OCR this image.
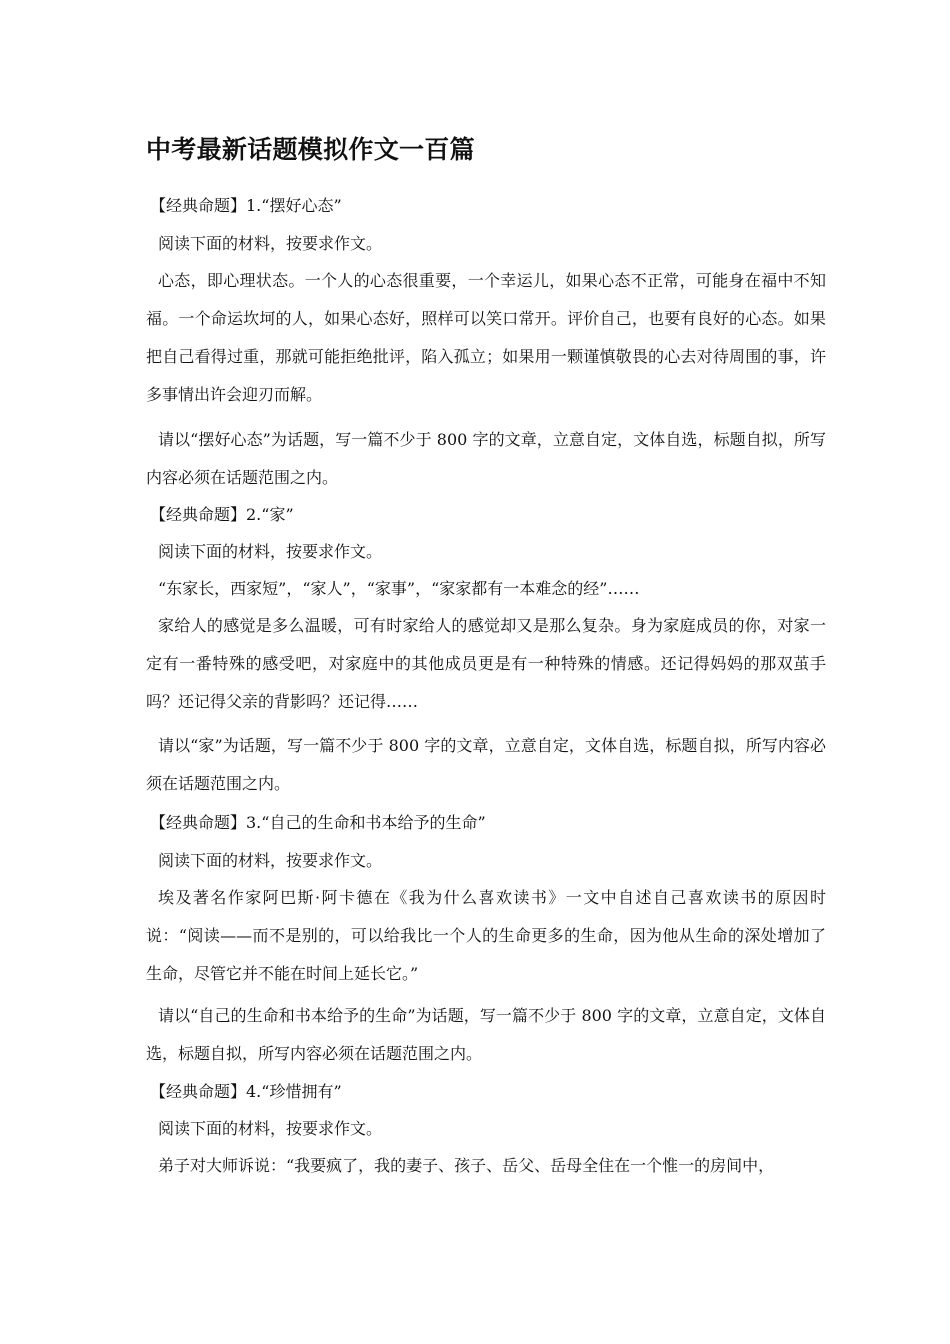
中考最新话题模拟作文一百篇

【经典命题】1.“摆好心态”

阅读下面的材料，按要求作文。

心态，即心理状态。一个人的心态很重要，一个幸运儿，如果心态不正常，可能身在福中不知福。一个命运坎坷的人，如果心态好，照样可以笑口常开。评价自己，也要有良好的心态。如果把自己看得过重，那就可能拒绝批评，陷入孤立；如果用一颗谨慎敬畏的心去对待周围的事，许多事情出许会迎刃而解。

请以“摆好心态”为话题，写一篇不少于 800 字的文章，立意自定，文体自选，标题自拟，所写内容必须在话题范围之内。

【经典命题】2.“家”

阅读下面的材料，按要求作文。

“东家长，西家短”，“家人”，“家事”，“家家都有一本难念的经”……

家给人的感觉是多么温暖，可有时家给人的感觉却又是那么复杂。身为家庭成员的你，对家一定有一番特殊的感受吧，对家庭中的其他成员更是有一种特殊的情感。还记得妈妈的那双茧手吗？还记得父亲的背影吗？还记得……

请以“家”为话题，写一篇不少于 800 字的文章，立意自定，文体自选，标题自拟，所写内容必须在话题范围之内。

【经典命题】3.“自己的生命和书本给予的生命”

阅读下面的材料，按要求作文。

埃及著名作家阿巴斯·阿卡德在《我为什么喜欢读书》一文中自述自己喜欢读书的原因时说：“阅读——而不是别的，可以给我比一个人的生命更多的生命，因为他从生命的深处增加了生命，尽管它并不能在时间上延长它。”

请以“自己的生命和书本给予的生命”为话题，写一篇不少于 800 字的文章，立意自定，文体自选，标题自拟，所写内容必须在话题范围之内。

【经典命题】4.“珍惜拥有”

阅读下面的材料，按要求作文。

弟子对大师诉说：“我要疯了，我的妻子、孩子、岳父、岳母全住在一个惟一的房间中，
